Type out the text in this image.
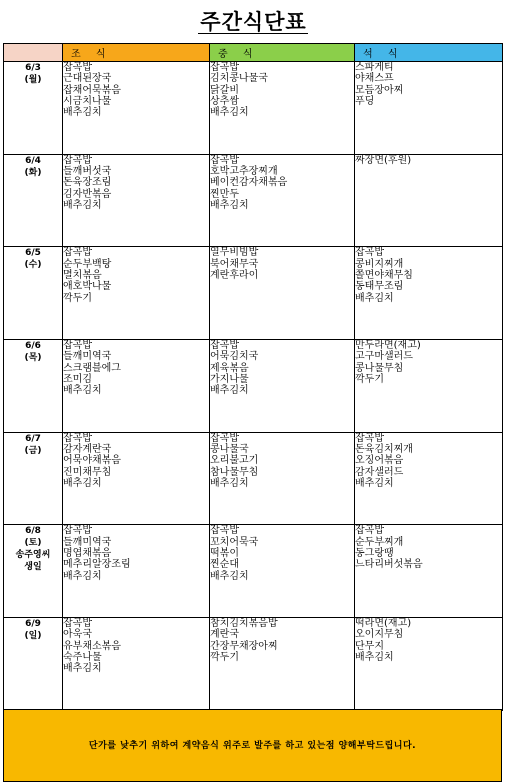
주간식단표
	조 식	중 식	석 식

6/3
(월)	잡곡밥
근대된장국
잡채어묵볶음
시금치나물
배추김치	잡곡밥
김치콩나물국
닭갈비
상추쌈
배추김치	스파게티
야채스프
모듬장아찌
푸딩

6/4
(화)	잡곡밥
들깨버섯국
돈육장조림
김자반볶음
배추김치	잡곡밥
호박고추장찌개
베이컨감자채볶음
찐만두
배추김치	짜장면(후원)

6/5
(수)	잡곡밥
순두부백탕
멸치볶음
애호박나물
깍두기	열무비빔밥
북어채무국
계란후라이	잡곡밥
콩비지찌개
쫄면야채무침
동태무조림
배추김치

6/6
(목)	잡곡밥
들깨미역국
스크램블에그
조미김
배추김치	잡곡밥
어묵김치국
제육볶음
가지나물
배추김치	만두라면(재고)
고구마샐러드
콩나물무침
깍두기

6/7
(금)	잡곡밥
감자계란국
어묵야채볶음
진미채무침
배추김치	잡곡밥
콩나물국
오리불고기
참나물무침
배추김치	잡곡밥
돈육김치찌개
오징어볶음
감자샐러드
배추김치

6/8
(토)
송주영씨
생일	잡곡밥
들깨미역국
명엽채볶음
메추리알장조림
배추김치	잡곡밥
꼬치어묵국
떡볶이
찐순대
배추김치	잡곡밥
순두부찌개
동그랑땡
느타리버섯볶음

6/9
(일)	잡곡밥
아욱국
유부채소볶음
숙주나물
배추김치	참치김치볶음밥
계란국
간장무채장아찌
깍두기	떡라면(재고)
오이지무침
단무지
배추김치
단가를 낮추기 위하여 계약음식 위주로 발주를 하고 있는점 양해부탁드립니다.
